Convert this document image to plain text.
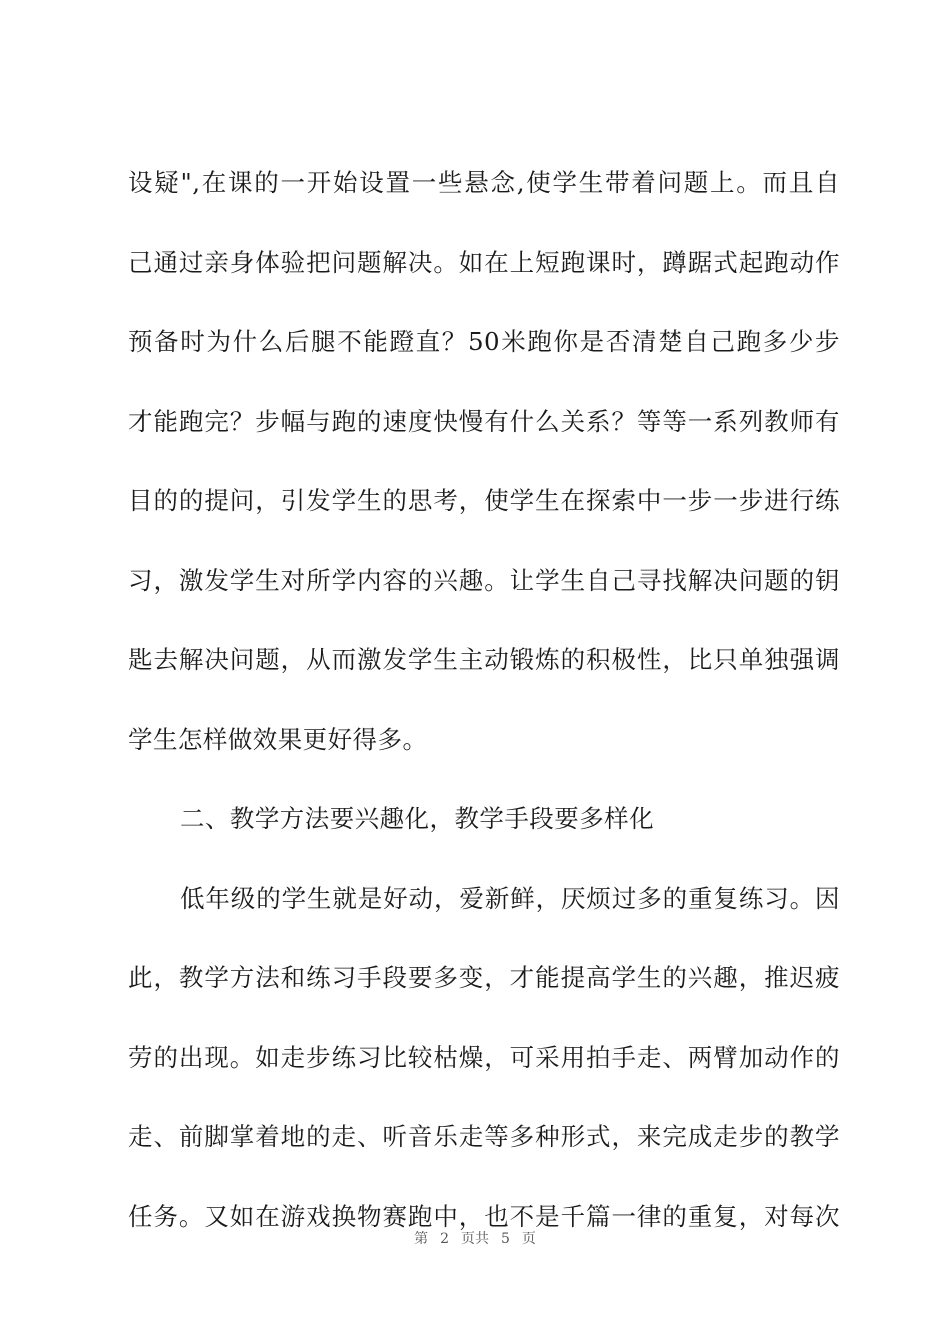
设疑",在课的一开始设置一些悬念,使学生带着问题上。而且自
己通过亲身体验把问题解决。如在上短跑课时，蹲踞式起跑动作
预备时为什么后腿不能蹬直？50米跑你是否清楚自己跑多少步
才能跑完？步幅与跑的速度快慢有什么关系？等等一系列教师有
目的的提问，引发学生的思考，使学生在探索中一步一步进行练
习，激发学生对所学内容的兴趣。让学生自己寻找解决问题的钥
匙去解决问题，从而激发学生主动锻炼的积极性，比只单独强调
学生怎样做效果更好得多。
二、教学方法要兴趣化，教学手段要多样化
低年级的学生就是好动，爱新鲜，厌烦过多的重复练习。因
此，教学方法和练习手段要多变，才能提高学生的兴趣，推迟疲
劳的出现。如走步练习比较枯燥，可采用拍手走、两臂加动作的
走、前脚掌着地的走、听音乐走等多种形式，来完成走步的教学
任务。又如在游戏换物赛跑中，也不是千篇一律的重复，对每次
第 2 页共 5 页
